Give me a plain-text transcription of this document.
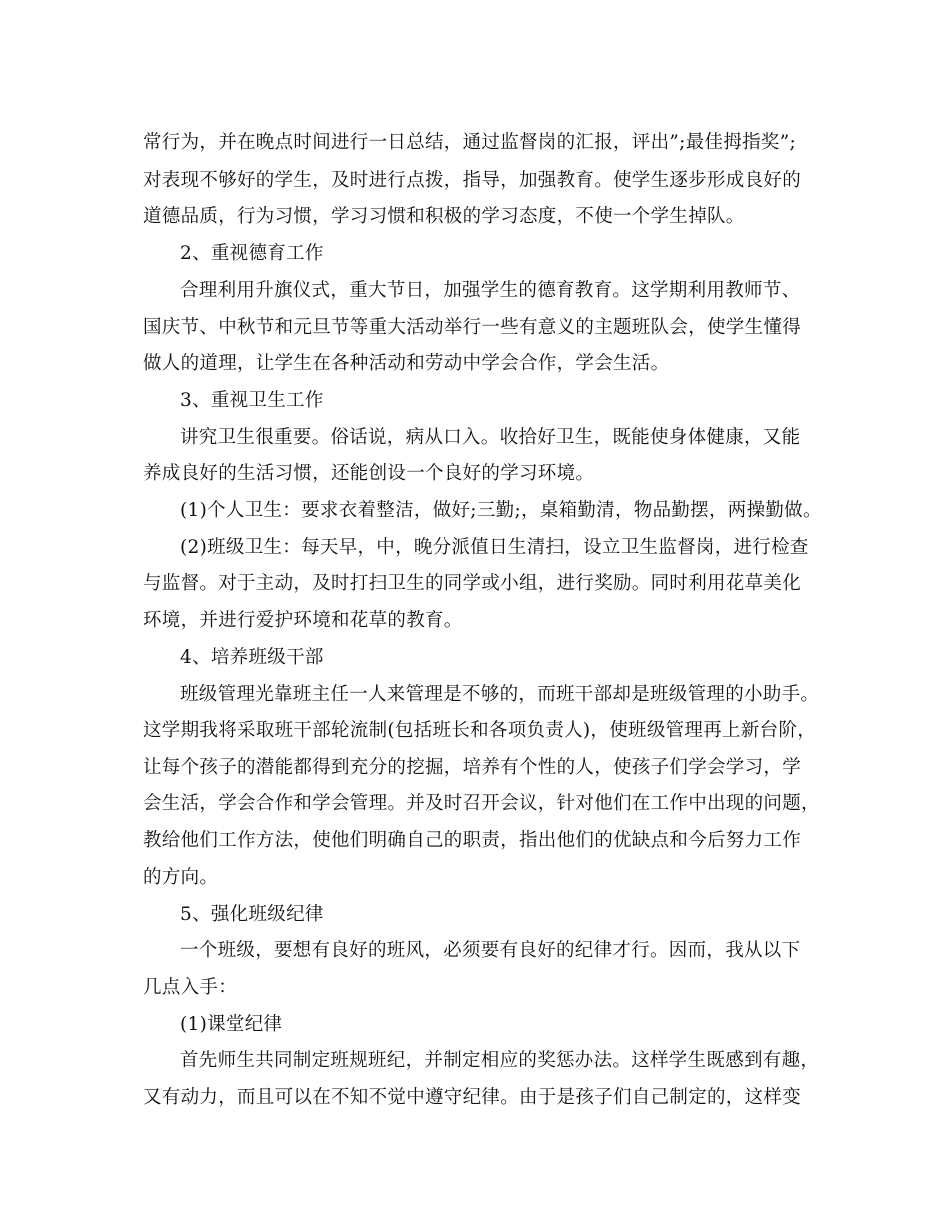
常行为，并在晚点时间进行一日总结，通过监督岗的汇报，评出”;最佳拇指奖”;
对表现不够好的学生，及时进行点拨，指导，加强教育。使学生逐步形成良好的
道德品质，行为习惯，学习习惯和积极的学习态度，不使一个学生掉队。
2、重视德育工作
合理利用升旗仪式，重大节日，加强学生的德育教育。这学期利用教师节、
国庆节、中秋节和元旦节等重大活动举行一些有意义的主题班队会，使学生懂得
做人的道理，让学生在各种活动和劳动中学会合作，学会生活。
3、重视卫生工作
讲究卫生很重要。俗话说，病从口入。收拾好卫生，既能使身体健康，又能
养成良好的生活习惯，还能创设一个良好的学习环境。
(1)个人卫生：要求衣着整洁，做好;三勤;，桌箱勤清，物品勤摆，两操勤做。
(2)班级卫生：每天早，中，晚分派值日生清扫，设立卫生监督岗，进行检查
与监督。对于主动，及时打扫卫生的同学或小组，进行奖励。同时利用花草美化
环境，并进行爱护环境和花草的教育。
4、培养班级干部
班级管理光靠班主任一人来管理是不够的，而班干部却是班级管理的小助手。
这学期我将采取班干部轮流制(包括班长和各项负责人)，使班级管理再上新台阶，
让每个孩子的潜能都得到充分的挖掘，培养有个性的人，使孩子们学会学习，学
会生活，学会合作和学会管理。并及时召开会议，针对他们在工作中出现的问题，
教给他们工作方法，使他们明确自己的职责，指出他们的优缺点和今后努力工作
的方向。
5、强化班级纪律
一个班级，要想有良好的班风，必须要有良好的纪律才行。因而，我从以下
几点入手：
(1)课堂纪律
首先师生共同制定班规班纪，并制定相应的奖惩办法。这样学生既感到有趣，
又有动力，而且可以在不知不觉中遵守纪律。由于是孩子们自己制定的，这样变
